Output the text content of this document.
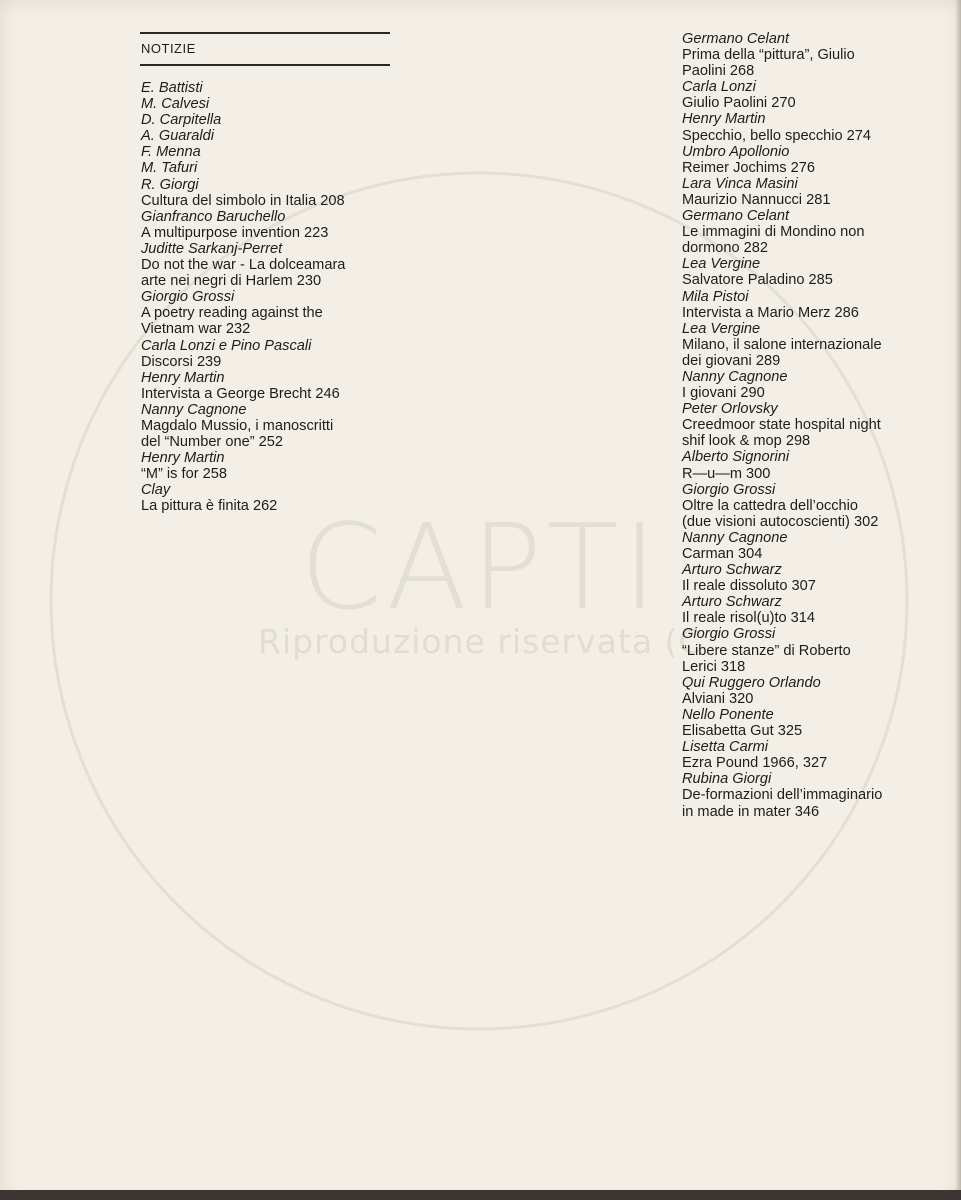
CAPTI
Riproduzione riservata (C
NOTIZIE
E. Battisti
M. Calvesi
D. Carpitella
A. Guaraldi
F. Menna
M. Tafuri
R. Giorgi
Cultura del simbolo in Italia 208
Gianfranco Baruchello
A multipurpose invention 223
Juditte Sarkanj-Perret
Do not the war - La dolceamara
arte nei negri di Harlem 230
Giorgio Grossi
A poetry reading against the
Vietnam war 232
Carla Lonzi e Pino Pascali
Discorsi 239
Henry Martin
Intervista a George Brecht 246
Nanny Cagnone
Magdalo Mussio, i manoscritti
del “Number one” 252
Henry Martin
“M” is for 258
Clay
La pittura è finita 262
Germano Celant
Prima della “pittura”, Giulio
Paolini 268
Carla Lonzi
Giulio Paolini 270
Henry Martin
Specchio, bello specchio 274
Umbro Apollonio
Reimer Jochims 276
Lara Vinca Masini
Maurizio Nannucci 281
Germano Celant
Le immagini di Mondino non
dormono 282
Lea Vergine
Salvatore Paladino 285
Mila Pistoi
Intervista a Mario Merz 286
Lea Vergine
Milano, il salone internazionale
dei giovani 289
Nanny Cagnone
I giovani 290
Peter Orlovsky
Creedmoor state hospital night
shif look & mop 298
Alberto Signorini
R—u—m 300
Giorgio Grossi
Oltre la cattedra dell’occhio
(due visioni autocoscienti) 302
Nanny Cagnone
Carman 304
Arturo Schwarz
Il reale dissoluto 307
Arturo Schwarz
Il reale risol(u)to 314
Giorgio Grossi
“Libere stanze” di Roberto
Lerici 318
Qui Ruggero Orlando
Alviani 320
Nello Ponente
Elisabetta Gut 325
Lisetta Carmi
Ezra Pound 1966, 327
Rubina Giorgi
De-formazioni dell’immaginario
in made in mater 346
